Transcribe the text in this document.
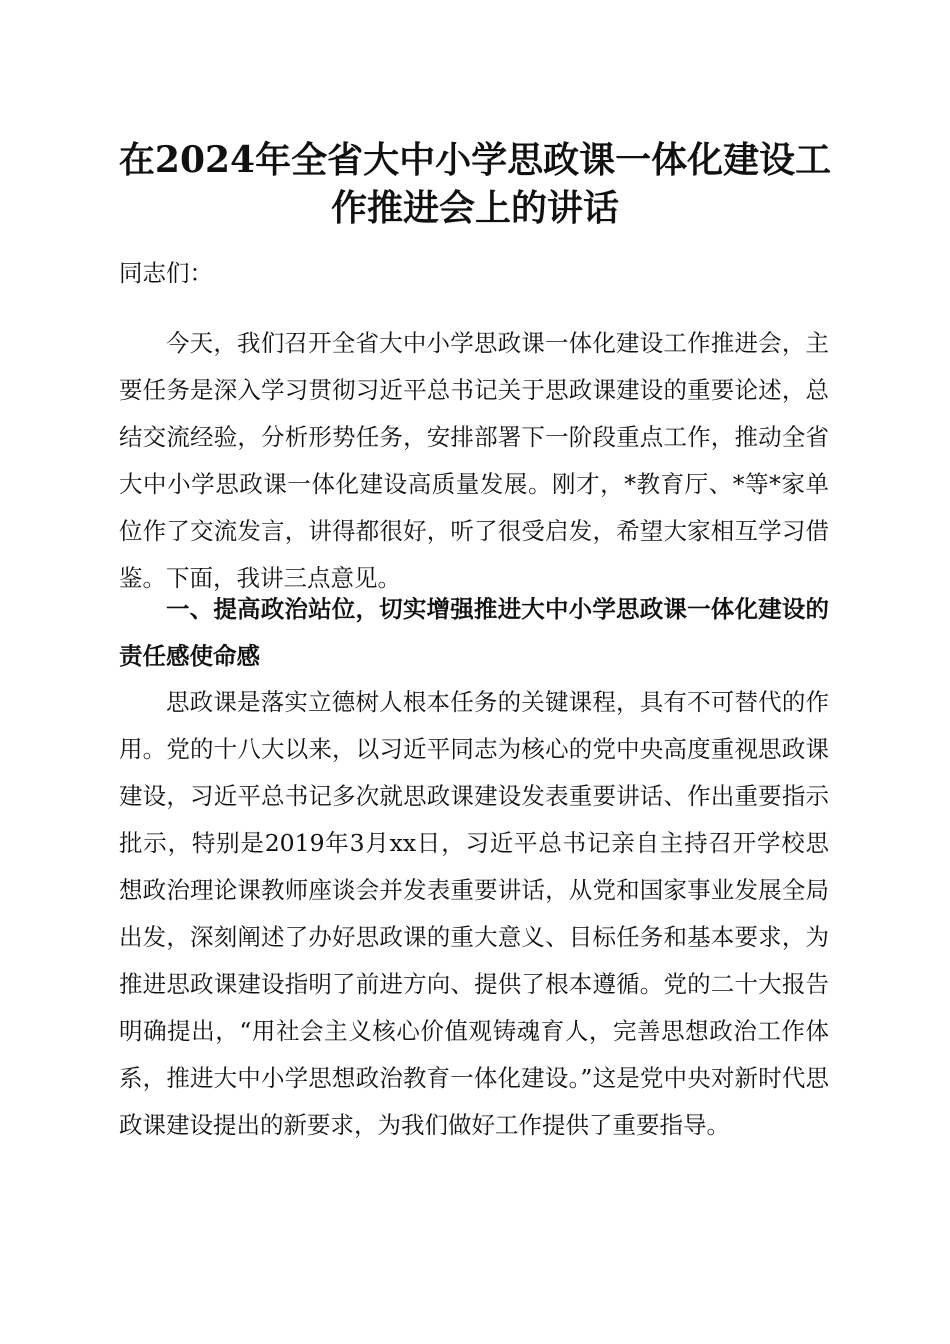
在2024年全省大中小学思政课一体化建设工
作推进会上的讲话

同志们：

今天，我们召开全省大中小学思政课一体化建设工作推进会，主要任务是深入学习贯彻习近平总书记关于思政课建设的重要论述，总结交流经验，分析形势任务，安排部署下一阶段重点工作，推动全省大中小学思政课一体化建设高质量发展。刚才，*教育厅、*等*家单位作了交流发言，讲得都很好，听了很受启发，希望大家相互学习借鉴。下面，我讲三点意见。

一、提高政治站位，切实增强推进大中小学思政课一体化建设的责任感使命感

思政课是落实立德树人根本任务的关键课程，具有不可替代的作用。党的十八大以来，以习近平同志为核心的党中央高度重视思政课建设，习近平总书记多次就思政课建设发表重要讲话、作出重要指示批示，特别是2019年3月xx日，习近平总书记亲自主持召开学校思想政治理论课教师座谈会并发表重要讲话，从党和国家事业发展全局出发，深刻阐述了办好思政课的重大意义、目标任务和基本要求，为推进思政课建设指明了前进方向、提供了根本遵循。党的二十大报告明确提出，“用社会主义核心价值观铸魂育人，完善思想政治工作体系，推进大中小学思想政治教育一体化建设。”这是党中央对新时代思政课建设提出的新要求，为我们做好工作提供了重要指导。
